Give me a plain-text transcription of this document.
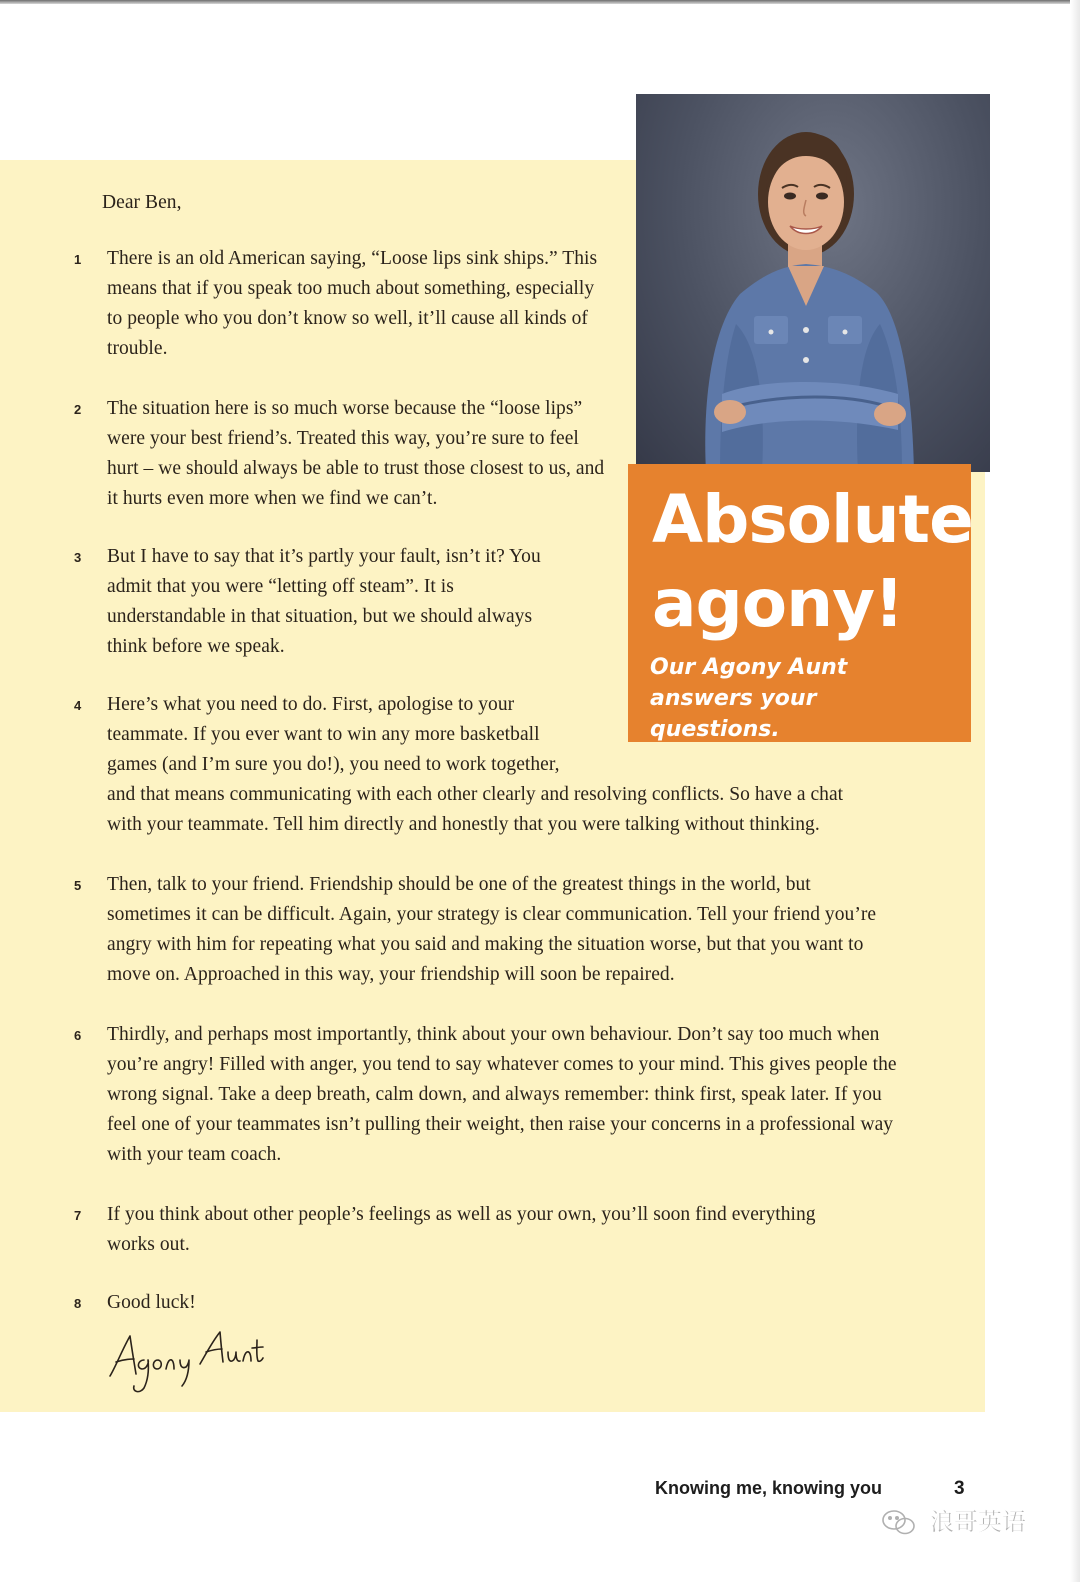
Dear Ben,
1 There is an old American saying, “Loose lips sink ships.” This means that if you speak too much about something, especially to people who you don’t know so well, it’ll cause all kinds of trouble.
2 The situation here is so much worse because the “loose lips” were your best friend’s. Treated this way, you’re sure to feel hurt – we should always be able to trust those closest to us, and it hurts even more when we find we can’t.
3 But I have to say that it’s partly your fault, isn’t it? You admit that you were “letting off steam”. It is understandable in that situation, but we should always think before we speak.
4 Here’s what you need to do. First, apologise to your
teammate. If you ever want to win any more basketball
games (and I’m sure you do!), you need to work together,
and that means communicating with each other clearly and resolving conflicts. So have a chat
with your teammate. Tell him directly and honestly that you were talking without thinking.
5 Then, talk to your friend. Friendship should be one of the greatest things in the world, but sometimes it can be difficult. Again, your strategy is clear communication. Tell your friend you’re angry with him for repeating what you said and making the situation worse, but that you want to move on. Approached in this way, your friendship will soon be repaired.
6 Thirdly, and perhaps most importantly, think about your own behaviour. Don’t say too much when you’re angry! Filled with anger, you tend to say whatever comes to your mind. This gives people the wrong signal. Take a deep breath, calm down, and always remember: think first, speak later. If you feel one of your teammates isn’t pulling their weight, then raise your concerns in a professional way with your team coach.
7 If you think about other people’s feelings as well as your own, you’ll soon find everything works out.
8 Good luck!
Absolute
agony!
Our Agony Aunt answers your questions.
Knowing me, knowing you	3
浪哥英语
